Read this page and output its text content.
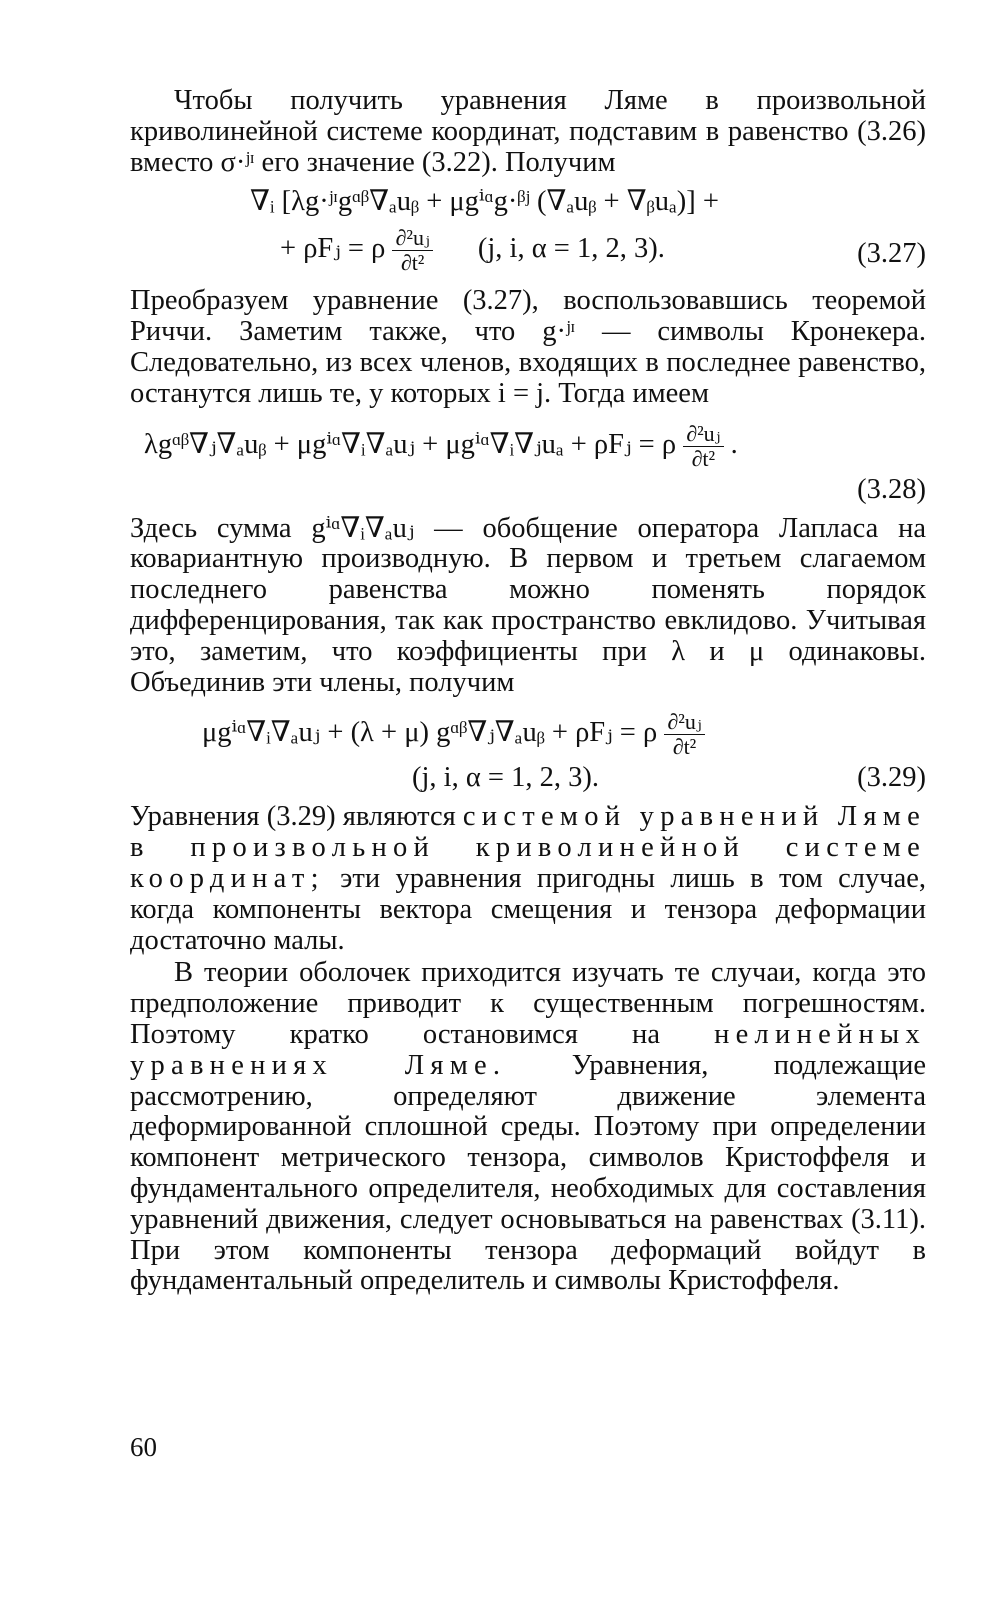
Чтобы получить уравнения Ляме в произвольной криволинейной системе координат, подставим в равенство (3.26) вместо σ·ʲᶦ его значение (3.22). Получим

∇ᵢ [λg·ʲᶦgᵅᵝ∇ₐuᵦ + μgⁱᵅg·ᵝʲ (∇ₐuᵦ + ∇ᵦuₐ)] +
+ ρFⱼ = ρ $\frac{\text{∂²uⱼ}}{\text{∂t²}} (j$, i, α = 1, 2, 3).	(3.27)

Преобразуем уравнение (3.27), воспользовавшись теоремой Риччи. Заметим также, что g·ʲᶦ — символы Кронекера. Следовательно, из всех членов, входящих в последнее равенство, останутся лишь те, у которых i = j. Тогда имеем

λgᵅᵝ∇ⱼ∇ₐuᵦ + μgⁱᵅ∇ᵢ∇ₐuⱼ + μgⁱᵅ∇ᵢ∇ⱼuₐ + ρFⱼ = ρ $\frac{\text{∂²uⱼ}}{\text{∂t²}}$ .
(3.28)

Здесь сумма gⁱᵅ∇ᵢ∇ₐuⱼ — обобщение оператора Лапласа на ковариантную производную. В первом и третьем слагаемом последнего равенства можно поменять порядок дифференцирования, так как пространство евклидово. Учитывая это, заметим, что коэффициенты при λ и μ одинаковы. Объединив эти члены, получим

μgⁱᵅ∇ᵢ∇ₐuⱼ + (λ + μ) gᵅᵝ∇ⱼ∇ₐuᵦ + ρFⱼ = ρ $\frac{\text{∂²uⱼ}}{\text{∂t²}}$
(j, i, α = 1, 2, 3).	(3.29)

Уравнения (3.29) являются системой уравнений Ляме в произвольной криволинейной системе координат; эти уравнения пригодны лишь в том случае, когда компоненты вектора смещения и тензора деформации достаточно малы.

В теории оболочек приходится изучать те случаи, когда это предположение приводит к существенным погрешностям. Поэтому кратко остановимся на нелинейных уравнениях Ляме. Уравнения, подлежащие рассмотрению, определяют движение элемента деформированной сплошной среды. Поэтому при определении компонент метрического тензора, символов Кристоффеля и фундаментального определителя, необходимых для составления уравнений движения, следует основываться на равенствах (3.11). При этом компоненты тензора деформаций войдут в фундаментальный определитель и символы Кристоффеля.

60
